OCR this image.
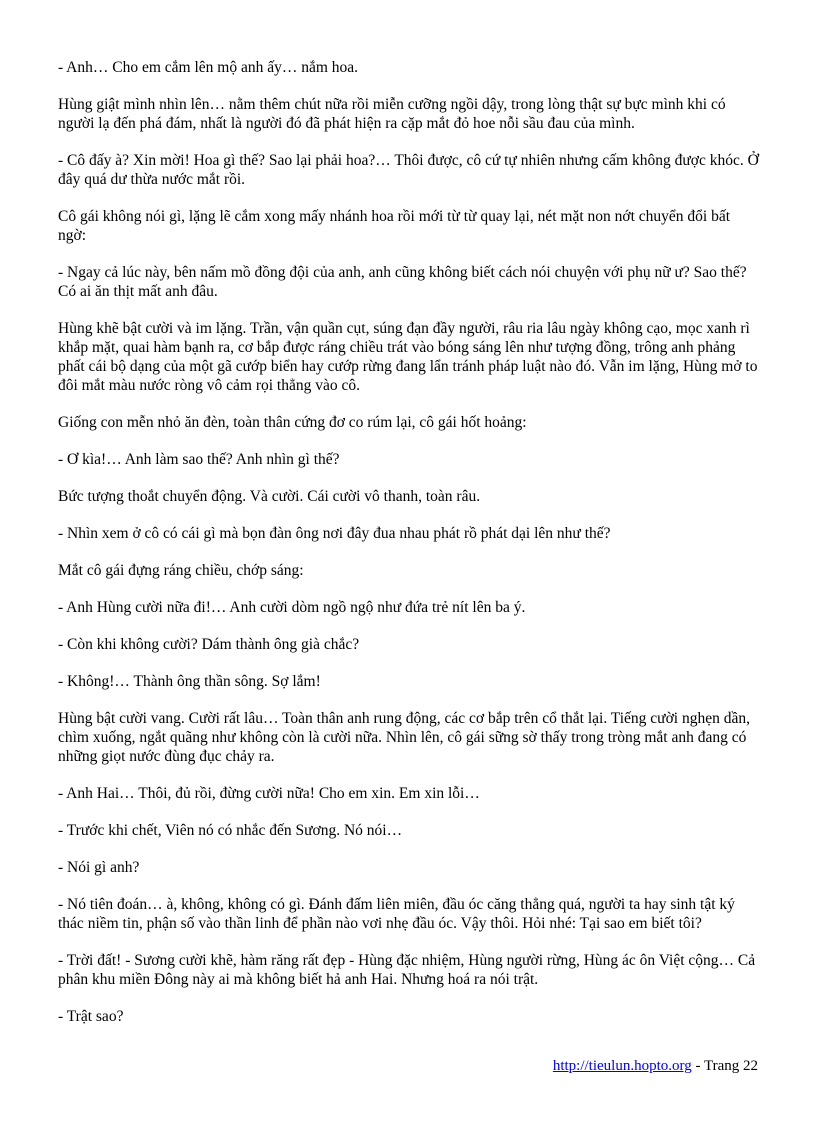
- Anh… Cho em cắm lên mộ anh ấy… nắm hoa.

Hùng giật mình nhìn lên… nằm thêm chút nữa rồi miễn cưỡng ngồi dậy, trong lòng thật sự bực mình khi có người lạ đến phá đám, nhất là người đó đã phát hiện ra cặp mắt đỏ hoe nỗi sầu đau của mình.

- Cô đấy à? Xin mời! Hoa gì thế? Sao lại phải hoa?… Thôi được, cô cứ tự nhiên nhưng cấm không được khóc. Ở đây quá dư thừa nước mắt rồi.

Cô gái không nói gì, lặng lẽ cắm xong mấy nhánh hoa rồi mới từ từ quay lại, nét mặt non nớt chuyển đổi bất ngờ:

- Ngay cả lúc này, bên nấm mồ đồng đội của anh, anh cũng không biết cách nói chuyện với phụ nữ ư? Sao thế? Có ai ăn thịt mất anh đâu.

Hùng khẽ bật cười và im lặng. Trần, vận quần cụt, súng đạn đầy người, râu ria lâu ngày không cạo, mọc xanh rì khắp mặt, quai hàm bạnh ra, cơ bắp được ráng chiều trát vào bóng sáng lên như tượng đồng, trông anh phảng phất cái bộ dạng của một gã cướp biển hay cướp rừng đang lẩn tránh pháp luật nào đó. Vẫn im lặng, Hùng mở to đôi mắt màu nước ròng vô cảm rọi thẳng vào cô.

Giống con mễn nhỏ ăn đèn, toàn thân cứng đơ co rúm lại, cô gái hốt hoảng:

- Ơ kìa!… Anh làm sao thế? Anh nhìn gì thế?

Bức tượng thoắt chuyển động. Và cười. Cái cười vô thanh, toàn râu.

- Nhìn xem ở cô có cái gì mà bọn đàn ông nơi đây đua nhau phát rồ phát dại lên như thế?

Mắt cô gái đựng ráng chiều, chớp sáng:

- Anh Hùng cười nữa đi!… Anh cười dòm ngồ ngộ như đứa trẻ nít lên ba ý.

- Còn khi không cười? Dám thành ông già chắc?

- Không!… Thành ông thần sông. Sợ lắm!

Hùng bật cười vang. Cười rất lâu… Toàn thân anh rung động, các cơ bắp trên cổ thắt lại. Tiếng cười nghẹn dần, chìm xuống, ngắt quãng như không còn là cười nữa. Nhìn lên, cô gái sững sờ thấy trong tròng mắt anh đang có những giọt nước đùng đục chảy ra.

- Anh Hai… Thôi, đủ rồi, đừng cười nữa! Cho em xin. Em xin lỗi…

- Trước khi chết, Viên nó có nhắc đến Sương. Nó nói…

- Nói gì anh?

- Nó tiên đoán… à, không, không có gì. Đánh đấm liên miên, đầu óc căng thẳng quá, người ta hay sinh tật ký thác niềm tin, phận số vào thần linh để phần nào vơi nhẹ đầu óc. Vậy thôi. Hỏi nhé: Tại sao em biết tôi?

- Trời đất! - Sương cười khẽ, hàm răng rất đẹp - Hùng đặc nhiệm, Hùng người rừng, Hùng ác ôn Việt cộng… Cả phân khu miền Đông này ai mà không biết hả anh Hai. Nhưng hoá ra nói trật.

- Trật sao?

http://tieulun.hopto.org - Trang 22
